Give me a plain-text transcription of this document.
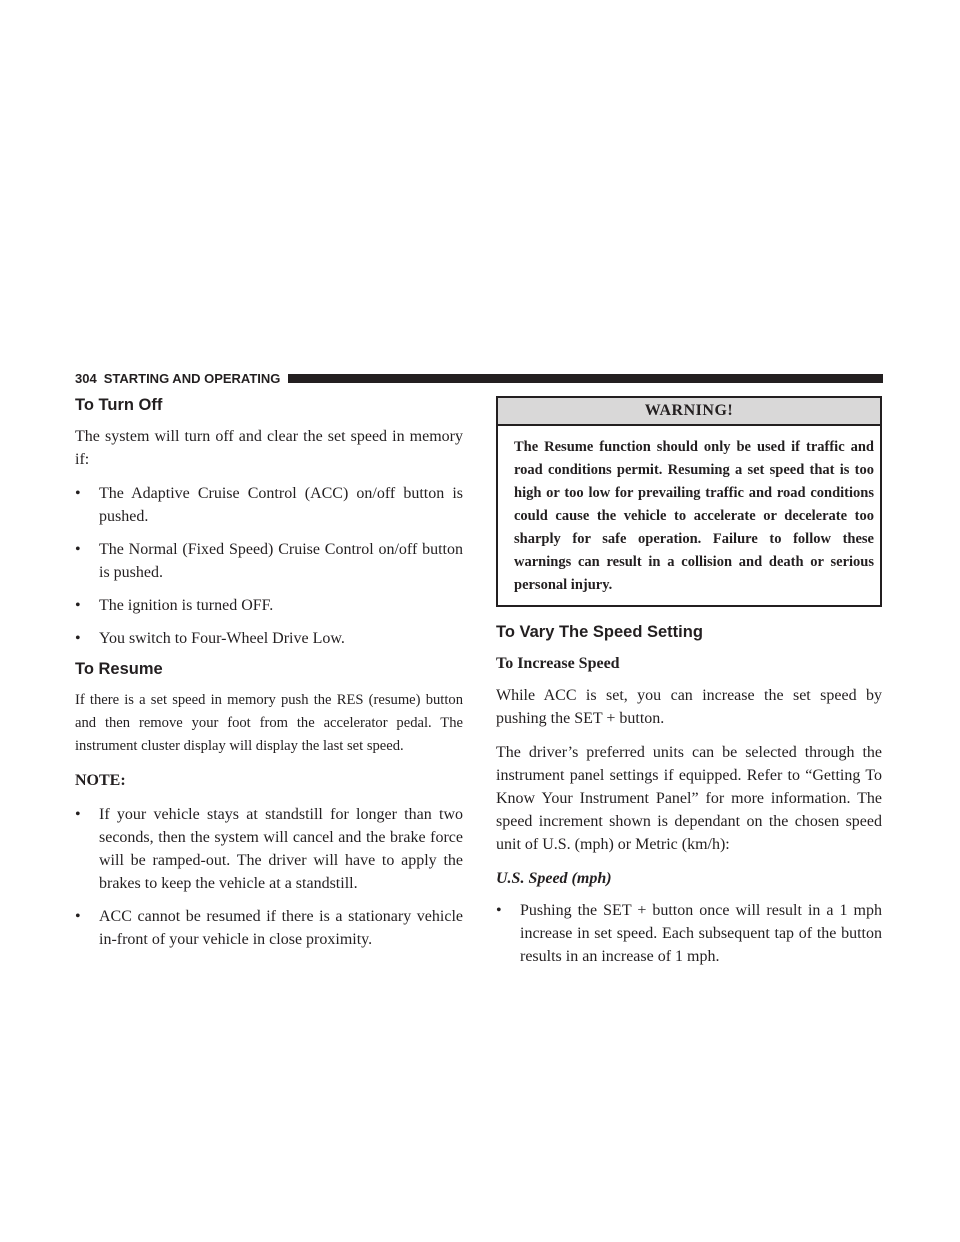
304 STARTING AND OPERATING
To Turn Off

The system will turn off and clear the set speed in memory if:

• The Adaptive Cruise Control (ACC) on/off button is pushed.
• The Normal (Fixed Speed) Cruise Control on/off button is pushed.
• The ignition is turned OFF.
• You switch to Four-Wheel Drive Low.
To Resume

If there is a set speed in memory push the RES (resume) button and then remove your foot from the accelerator pedal. The instrument cluster display will display the last set speed.

NOTE:

• If your vehicle stays at standstill for longer than two seconds, then the system will cancel and the brake force will be ramped-out. The driver will have to apply the brakes to keep the vehicle at a standstill.
• ACC cannot be resumed if there is a stationary vehicle in-front of your vehicle in close proximity.
WARNING!
The Resume function should only be used if traffic and road conditions permit. Resuming a set speed that is too high or too low for prevailing traffic and road conditions could cause the vehicle to accelerate or decelerate too sharply for safe operation. Failure to follow these warnings can result in a collision and death or serious personal injury.
To Vary The Speed Setting

To Increase Speed

While ACC is set, you can increase the set speed by pushing the SET + button.

The driver’s preferred units can be selected through the instrument panel settings if equipped. Refer to “Getting To Know Your Instrument Panel” for more information. The speed increment shown is dependant on the chosen speed unit of U.S. (mph) or Metric (km/h):

U.S. Speed (mph)

• Pushing the SET + button once will result in a 1 mph increase in set speed. Each subsequent tap of the button results in an increase of 1 mph.
